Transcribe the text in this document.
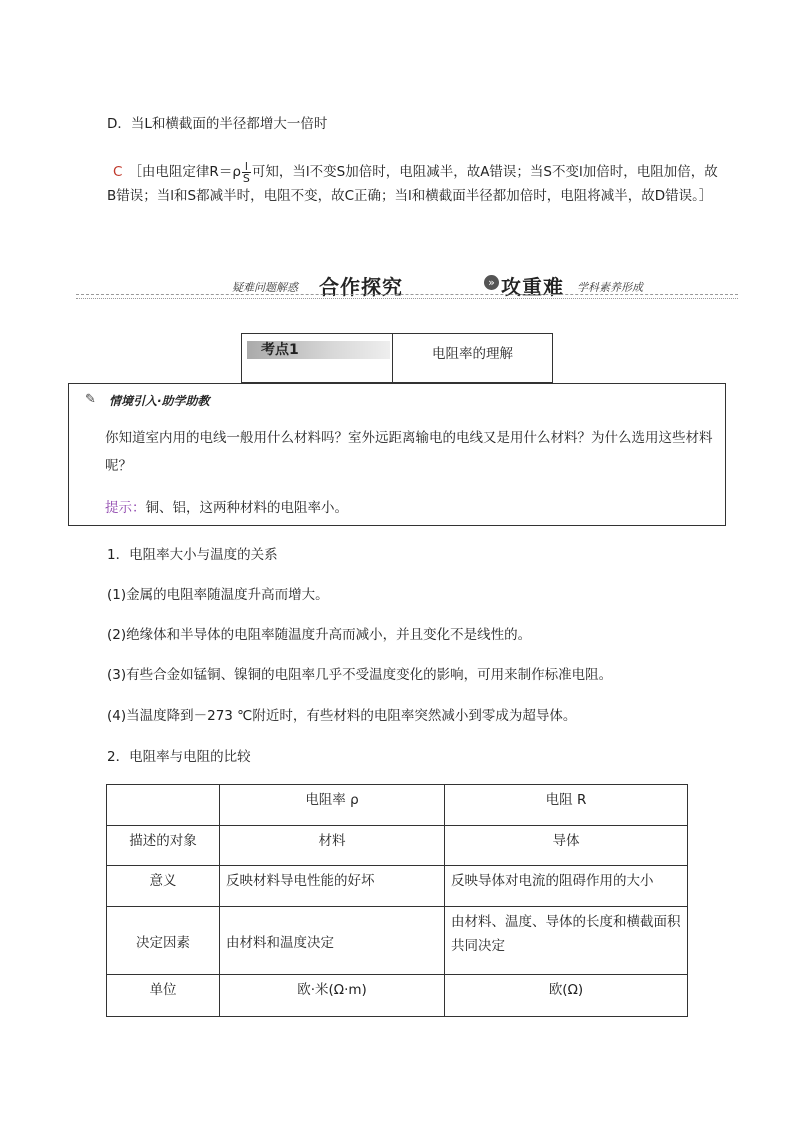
D．当L和横截面的半径都增大一倍时
C ［由电阻定律$R=\rho \frac{l}{S}$ 可知，当l不变S加倍时，电阻减半，故A错误；当S不变l加倍时，电阻加倍，故B错误；当l和S都减半时，电阻不变，故C正确；当l和横截面半径都加倍时，电阻将减半，故D错误。］
疑难问题解惑 合作探究	» 攻重难 学科素养形成
考点1	电阻率的理解
✎ 情境引入·助学助教
你知道室内用的电线一般用什么材料吗？室外远距离输电的电线又是用什么材料？为什么选用这些材料呢？
提示：铜、铝，这两种材料的电阻率小。
1．电阻率大小与温度的关系
(1)金属的电阻率随温度升高而增大。
(2)绝缘体和半导体的电阻率随温度升高而减小，并且变化不是线性的。
(3)有些合金如锰铜、镍铜的电阻率几乎不受温度变化的影响，可用来制作标准电阻。
(4)当温度降到－273 ℃附近时，有些材料的电阻率突然减小到零成为超导体。
2．电阻率与电阻的比较
	电阻率 ρ	电阻 R
描述的对象	材料	导体
意义	反映材料导电性能的好坏	反映导体对电流的阻碍作用的大小
决定因素	由材料和温度决定	由材料、温度、导体的长度和横截面积共同决定
单位	欧·米(Ω·m)	欧(Ω)
